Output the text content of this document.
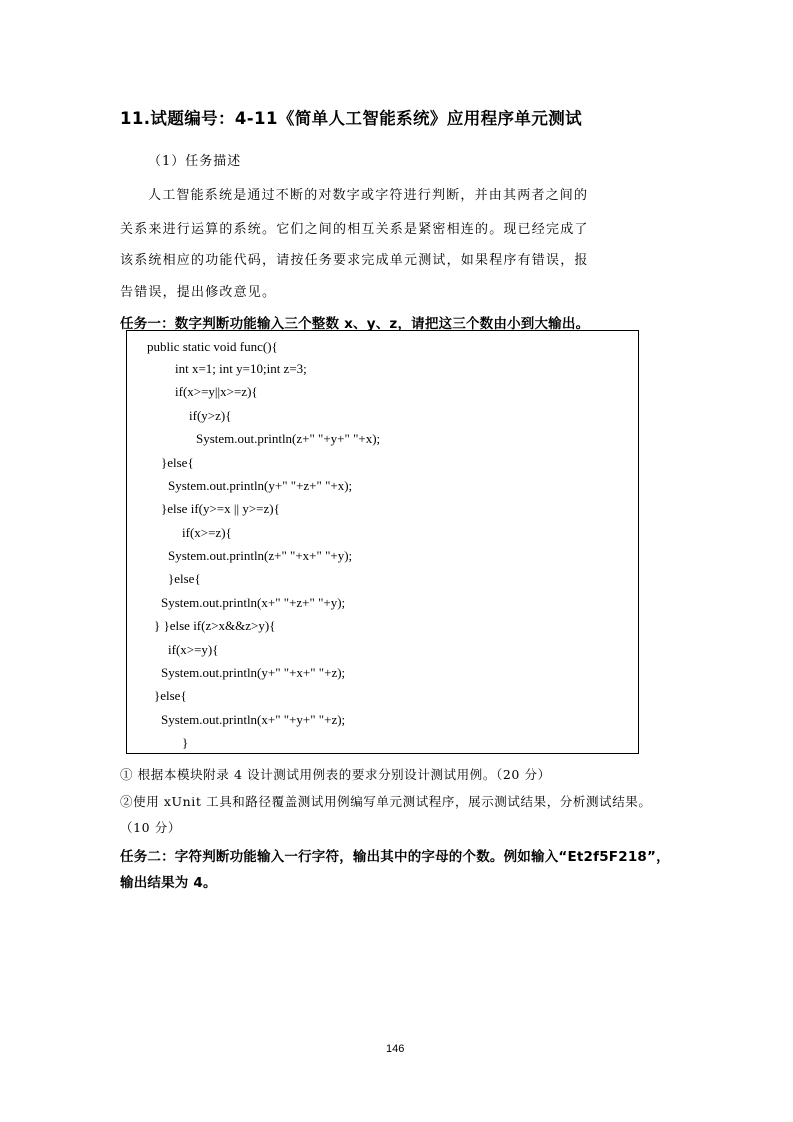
11.试题编号：4-11《简单人工智能系统》应用程序单元测试
（1）任务描述
人工智能系统是通过不断的对数字或字符进行判断，并由其两者之间的
关系来进行运算的系统。它们之间的相互关系是紧密相连的。现已经完成了
该系统相应的功能代码，请按任务要求完成单元测试，如果程序有错误，报
告错误，提出修改意见。
任务一：数字判断功能输入三个整数 x、y、z，请把这三个数由小到大输出。
public static void func(){
int x=1; int y=10;int z=3;
if(x>=y||x>=z){
if(y>z){
System.out.println(z+" "+y+" "+x);
}else{
System.out.println(y+" "+z+" "+x);
}else if(y>=x || y>=z){
if(x>=z){
System.out.println(z+" "+x+" "+y);
}else{
System.out.println(x+" "+z+" "+y);
} }else if(z>x&&z>y){
if(x>=y){
System.out.println(y+" "+x+" "+z);
}else{
System.out.println(x+" "+y+" "+z);
}
① 根据本模块附录 4 设计测试用例表的要求分别设计测试用例。（20 分）
②使用 xUnit 工具和路径覆盖测试用例编写单元测试程序，展示测试结果，分析测试结果。
（10 分）
任务二：字符判断功能输入一行字符，输出其中的字母的个数。例如输入“Et2f5F218”，
输出结果为 4。
146
